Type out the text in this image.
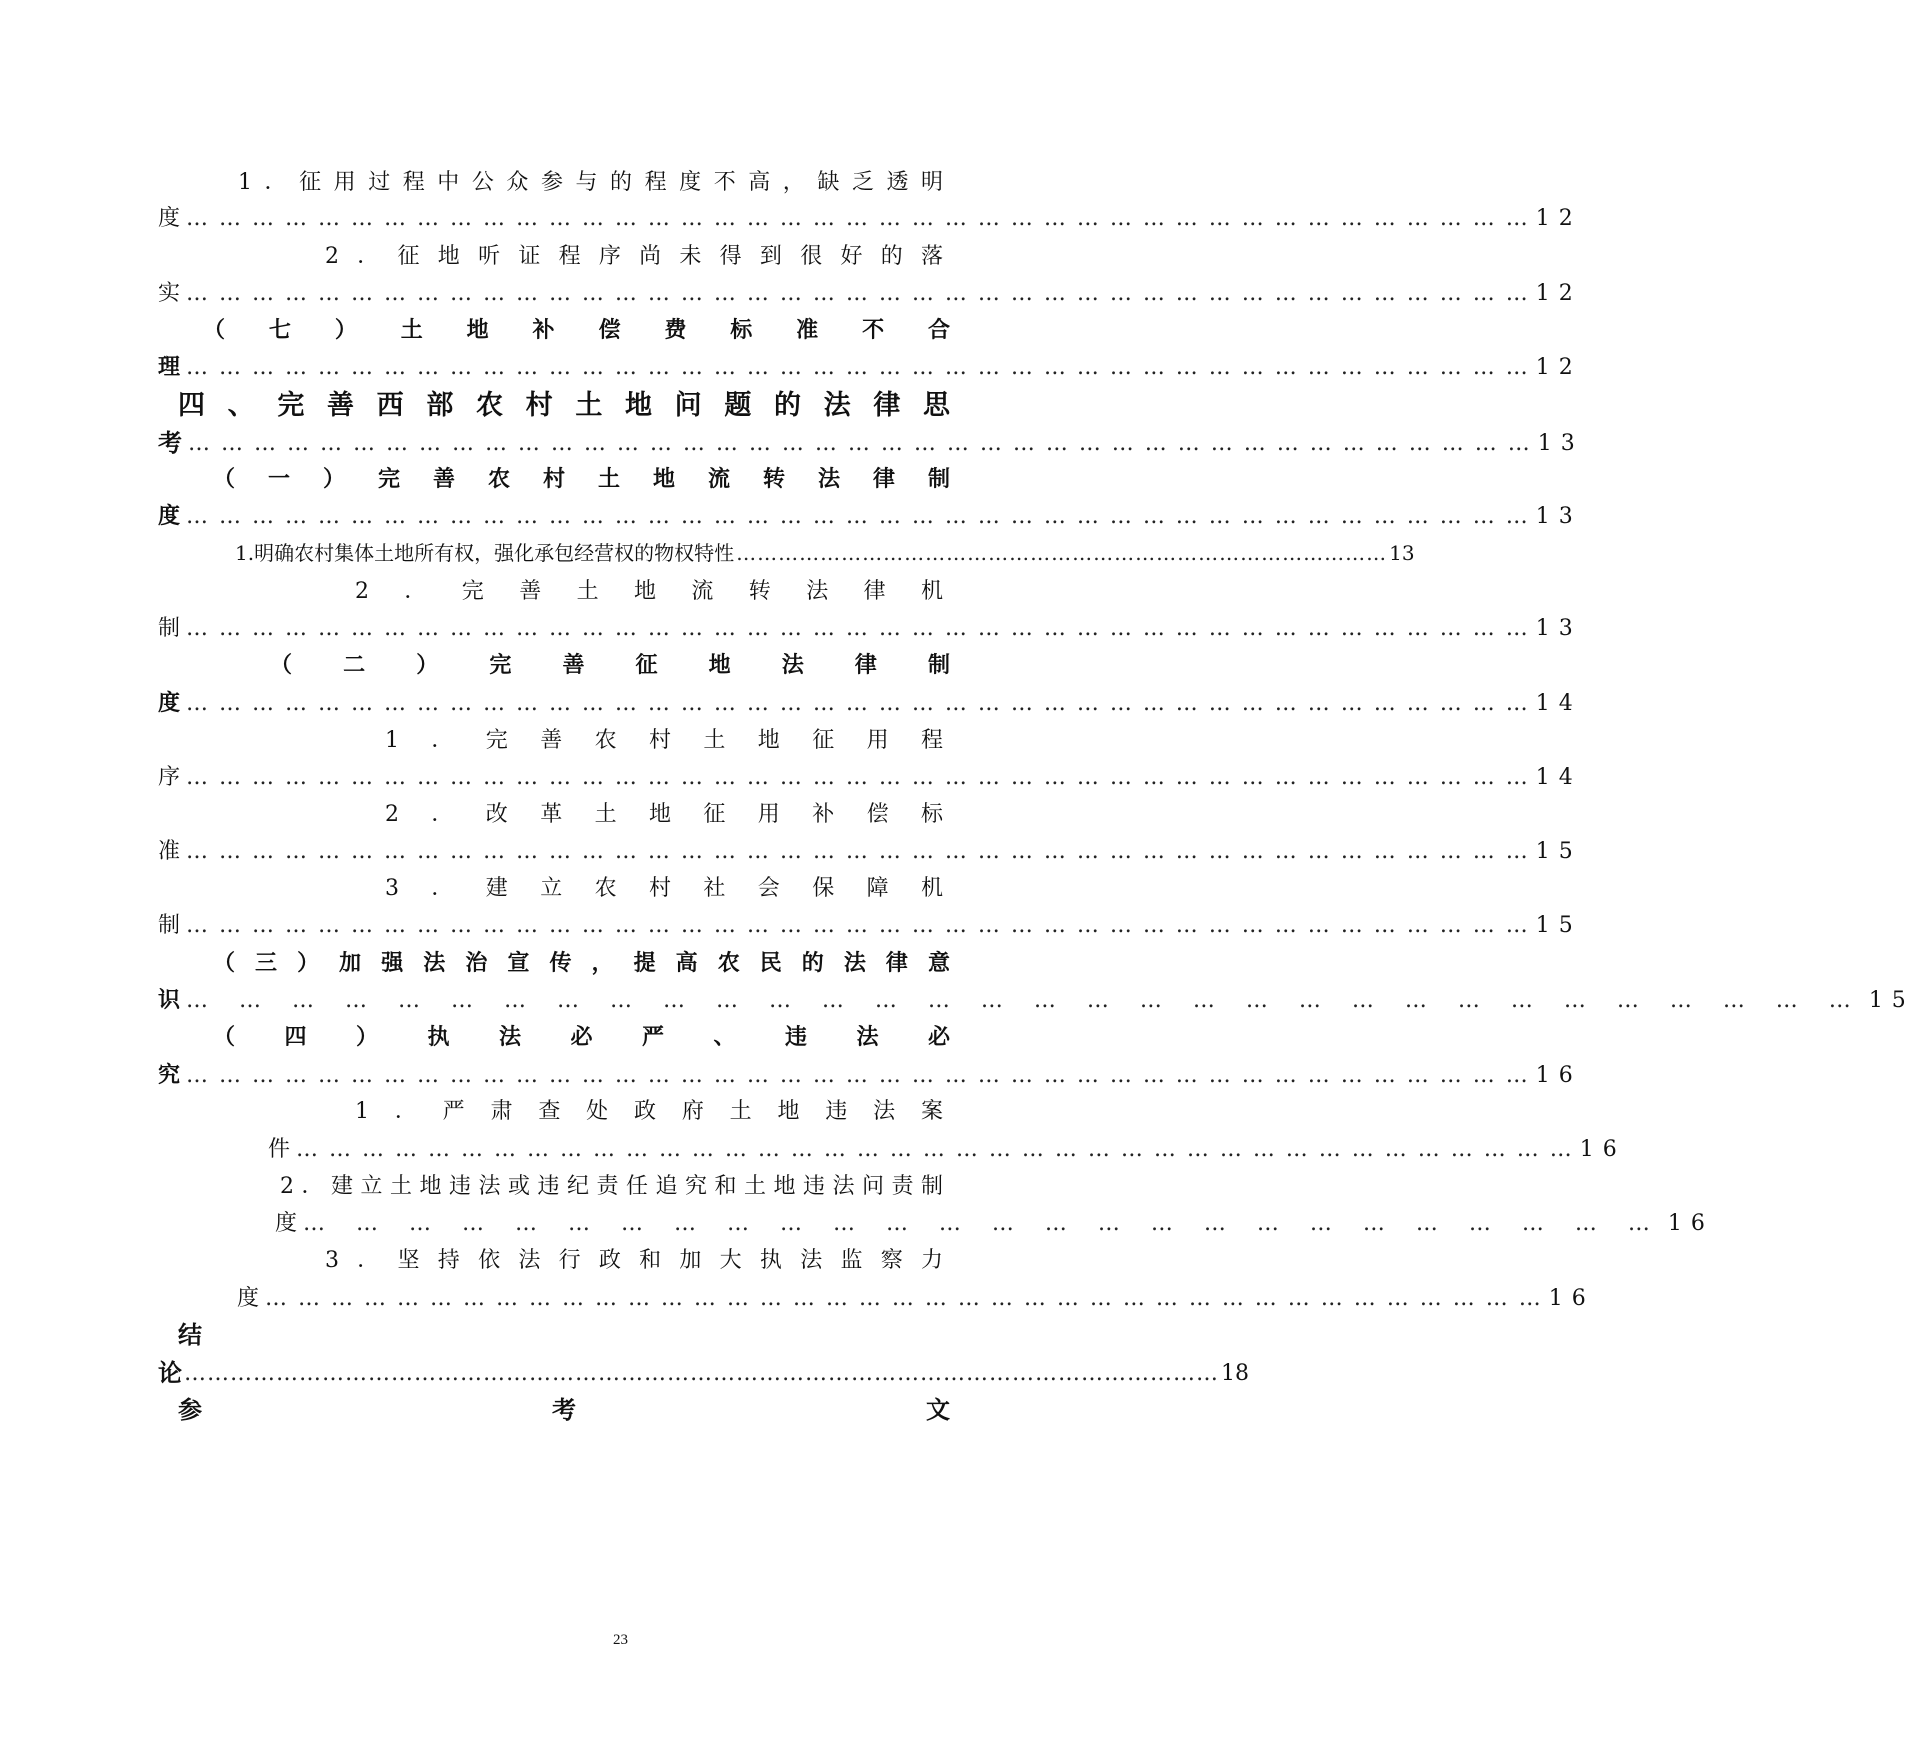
1．征用过程中公众参与的程度不高，缺乏透明
度 … … … … … … … … … … … … … … … … … … … … … … … … … … … … … … … … … … … … … … … … … 12
2．征地听证程序尚未得到很好的落
实 … … … … … … … … … … … … … … … … … … … … … … … … … … … … … … … … … … … … … … … … … 12
（七）土地补偿费标准不合
理 … … … … … … … … … … … … … … … … … … … … … … … … … … … … … … … … … … … … … … … … … 12
四、完善西部农村土地问题的法律思
考 … … … … … … … … … … … … … … … … … … … … … … … … … … … … … … … … … … … … … … … … … 13
（一）完善农村土地流转法律制
度 … … … … … … … … … … … … … … … … … … … … … … … … … … … … … … … … … … … … … … … … … 13
1.明确农村集体土地所有权，强化承包经营权的物权特性 ………………………………………………………………………………… 13
2．完善土地流转法律机
制 … … … … … … … … … … … … … … … … … … … … … … … … … … … … … … … … … … … … … … … … … 13
（二）完善征地法律制
度 … … … … … … … … … … … … … … … … … … … … … … … … … … … … … … … … … … … … … … … … … 14
1．完善农村土地征用程
序 … … … … … … … … … … … … … … … … … … … … … … … … … … … … … … … … … … … … … … … … … 14
2．改革土地征用补偿标
准 … … … … … … … … … … … … … … … … … … … … … … … … … … … … … … … … … … … … … … … … … 15
3．建立农村社会保障机
制 … … … … … … … … … … … … … … … … … … … … … … … … … … … … … … … … … … … … … … … … … 15
（三）加强法治宣传，提高农民的法律意
识 … … … … … … … … … … … … … … … … … … … … … … … … … … … … … … … … 15
（四）执法必严、违法必
究 … … … … … … … … … … … … … … … … … … … … … … … … … … … … … … … … … … … … … … … … … 16
1．严肃查处政府土地违法案
件 … … … … … … … … … … … … … … … … … … … … … … … … … … … … … … … … … … … … … … … 16
2．建立土地违法或违纪责任追究和土地违法问责制
度 … … … … … … … … … … … … … … … … … … … … … … … … … … 16
3．坚持依法行政和加大执法监察力
度 … … … … … … … … … … … … … … … … … … … … … … … … … … … … … … … … … … … … … … … 16
结
论 ……………………………………………………………………………………………………………………… 18
参考文
23
